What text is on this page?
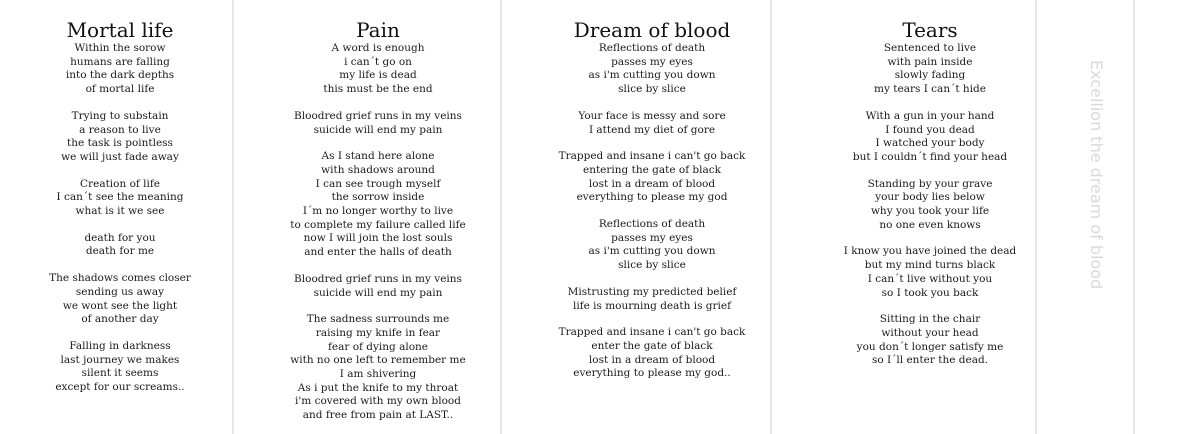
Mortal life

Within the sorow
humans are falling
into the dark depths
of mortal life

Trying to substain
a reason to live
the task is pointless
we will just fade away

Creation of life
I can´t see the meaning
what is it we see

death for you
death for me

The shadows comes closer
sending us away
we wont see the light
of another day

Falling in darkness
last journey we makes
silent it seems
except for our screams..

Pain

A word is enough
i can´t go on
my life is dead
this must be the end

Bloodred grief runs in my veins
suicide will end my pain

As I stand here alone
with shadows around
I can see trough myself
the sorrow inside
I´m no longer worthy to live
to complete my failure called life
now I will join the lost souls
and enter the halls of death

Bloodred grief runs in my veins
suicide will end my pain

The sadness surrounds me
raising my knife in fear
fear of dying alone
with no one left to remember me
I am shivering
As i put the knife to my throat
i'm covered with my own blood
and free from pain at LAST..

Dream of blood

Reflections of death
passes my eyes
as i'm cutting you down
slice by slice

Your face is messy and sore
I attend my diet of gore

Trapped and insane i can't go back
entering the gate of black
lost in a dream of blood
everything to please my god

Reflections of death
passes my eyes
as i'm cutting you down
slice by slice

Mistrusting my predicted belief
life is mourning death is grief

Trapped and insane i can't go back
enter the gate of black
lost in a dream of blood
everything to please my god..

Tears

Sentenced to live
with pain inside
slowly fading
my tears I can´t hide

With a gun in your hand
I found you dead
I watched your body
but I couldn´t find your head

Standing by your grave
your body lies below
why you took your life
no one even knows

I know you have joined the dead
but my mind turns black
I can´t live without you
so I took you back

Sitting in the chair
without your head
you don´t longer satisfy me
so I´ll enter the dead.

Excellion the dream of blood
